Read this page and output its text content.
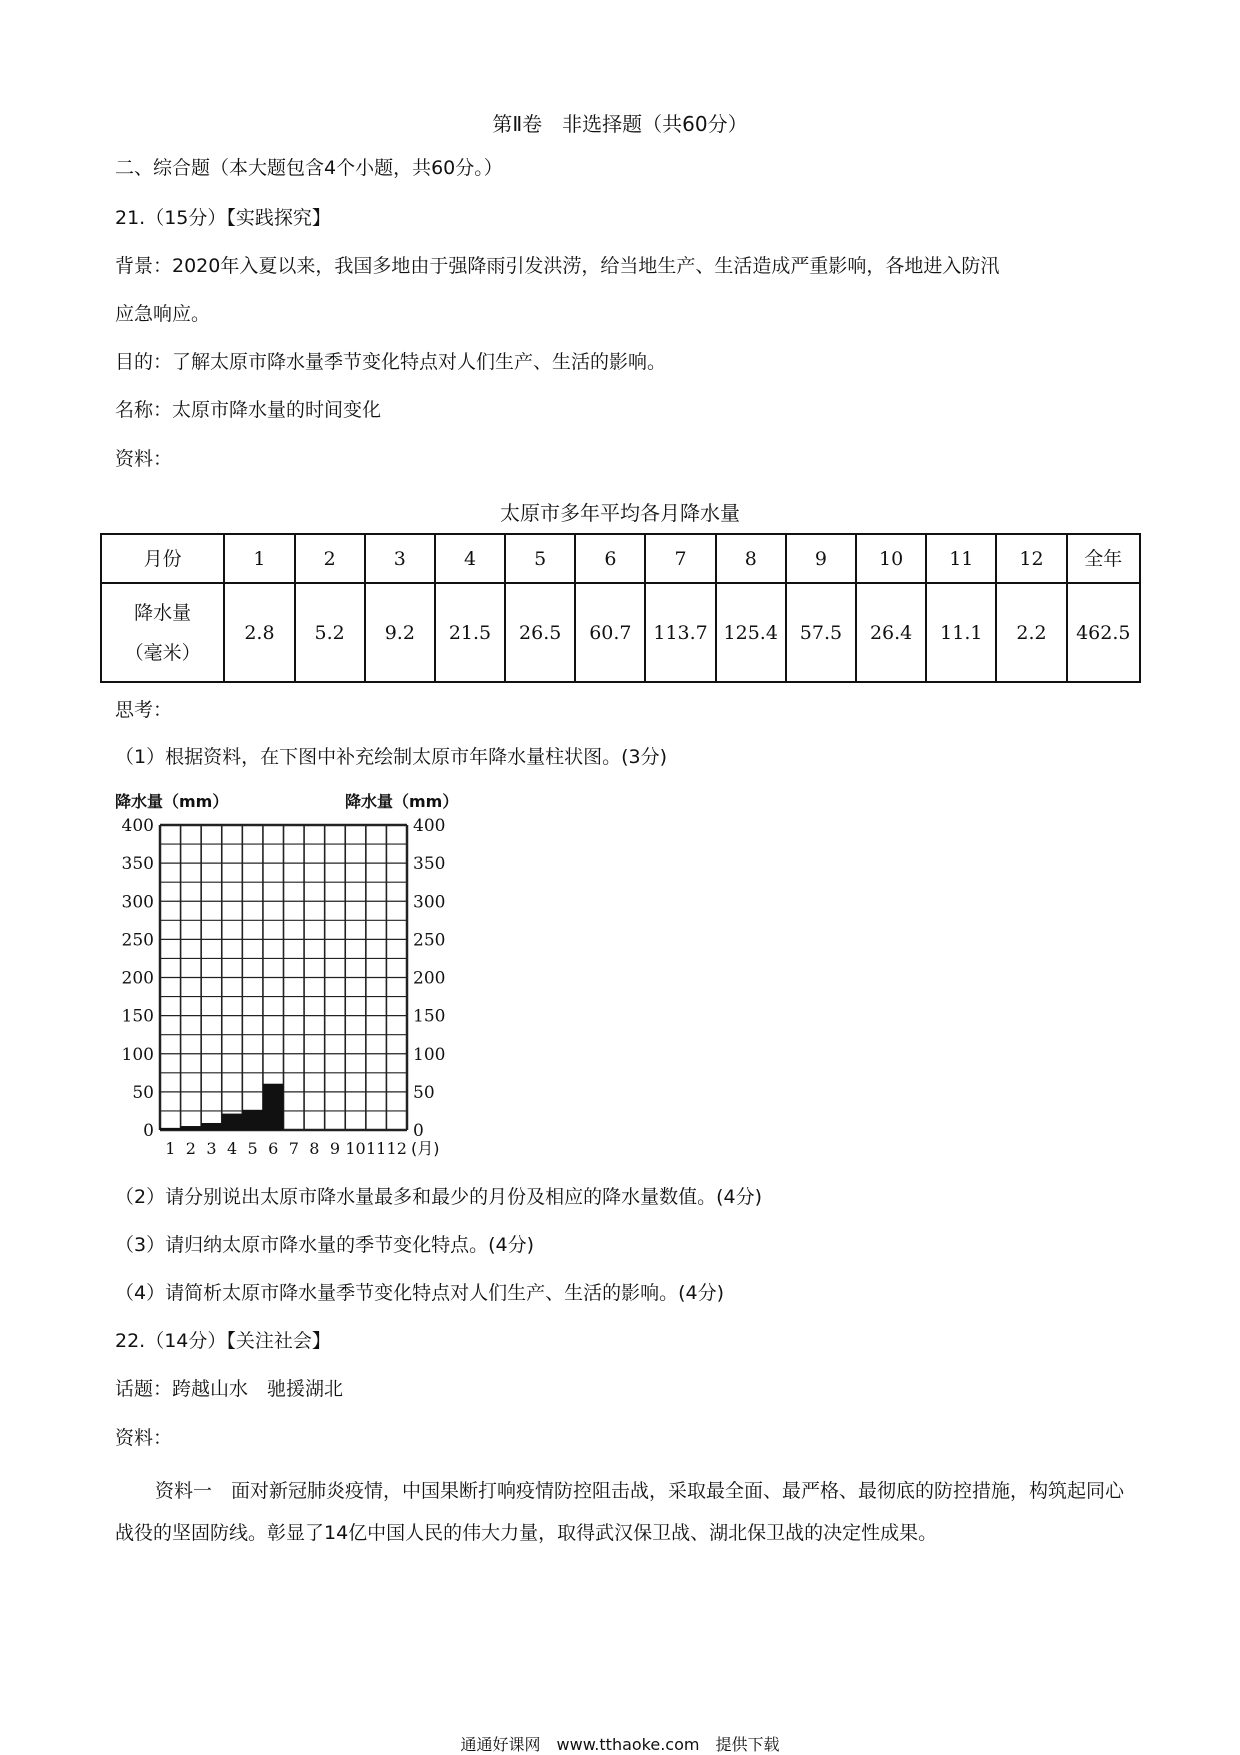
第Ⅱ卷　非选择题（共60分）
二、综合题（本大题包含4个小题，共60分。）
21.（15分）【实践探究】
背景：2020年入夏以来，我国多地由于强降雨引发洪涝，给当地生产、生活造成严重影响，各地进入防汛
应急响应。
目的：了解太原市降水量季节变化特点对人们生产、生活的影响。
名称：太原市降水量的时间变化
资料：
太原市多年平均各月降水量
月份	1	2	3	4	5	6	7	8	9	10	11	12	全年

降水量
（毫米）	2.8	5.2	9.2	21.5	26.5	60.7	113.7	125.4	57.5	26.4	11.1	2.2	462.5
思考：
（1）根据资料，在下图中补充绘制太原市年降水量柱状图。(3分)
0	0
50	50
100	100
150	150
200	200
250	250
300	300
350	350
400	400
1 2 3 4 5 6 7 8 9 10 11 12 (月)
降水量（mm）	降水量（mm）
（2）请分别说出太原市降水量最多和最少的月份及相应的降水量数值。(4分)
（3）请归纳太原市降水量的季节变化特点。(4分)
（4）请简析太原市降水量季节变化特点对人们生产、生活的影响。(4分)
22.（14分）【关注社会】
话题：跨越山水　驰援湖北
资料：
资料一　面对新冠肺炎疫情，中国果断打响疫情防控阻击战，采取最全面、最严格、最彻底的防控措施，构筑起同心战役的坚固防线。彰显了14亿中国人民的伟大力量，取得武汉保卫战、湖北保卫战的决定性成果。
通通好课网　www.tthaoke.com　提供下载
